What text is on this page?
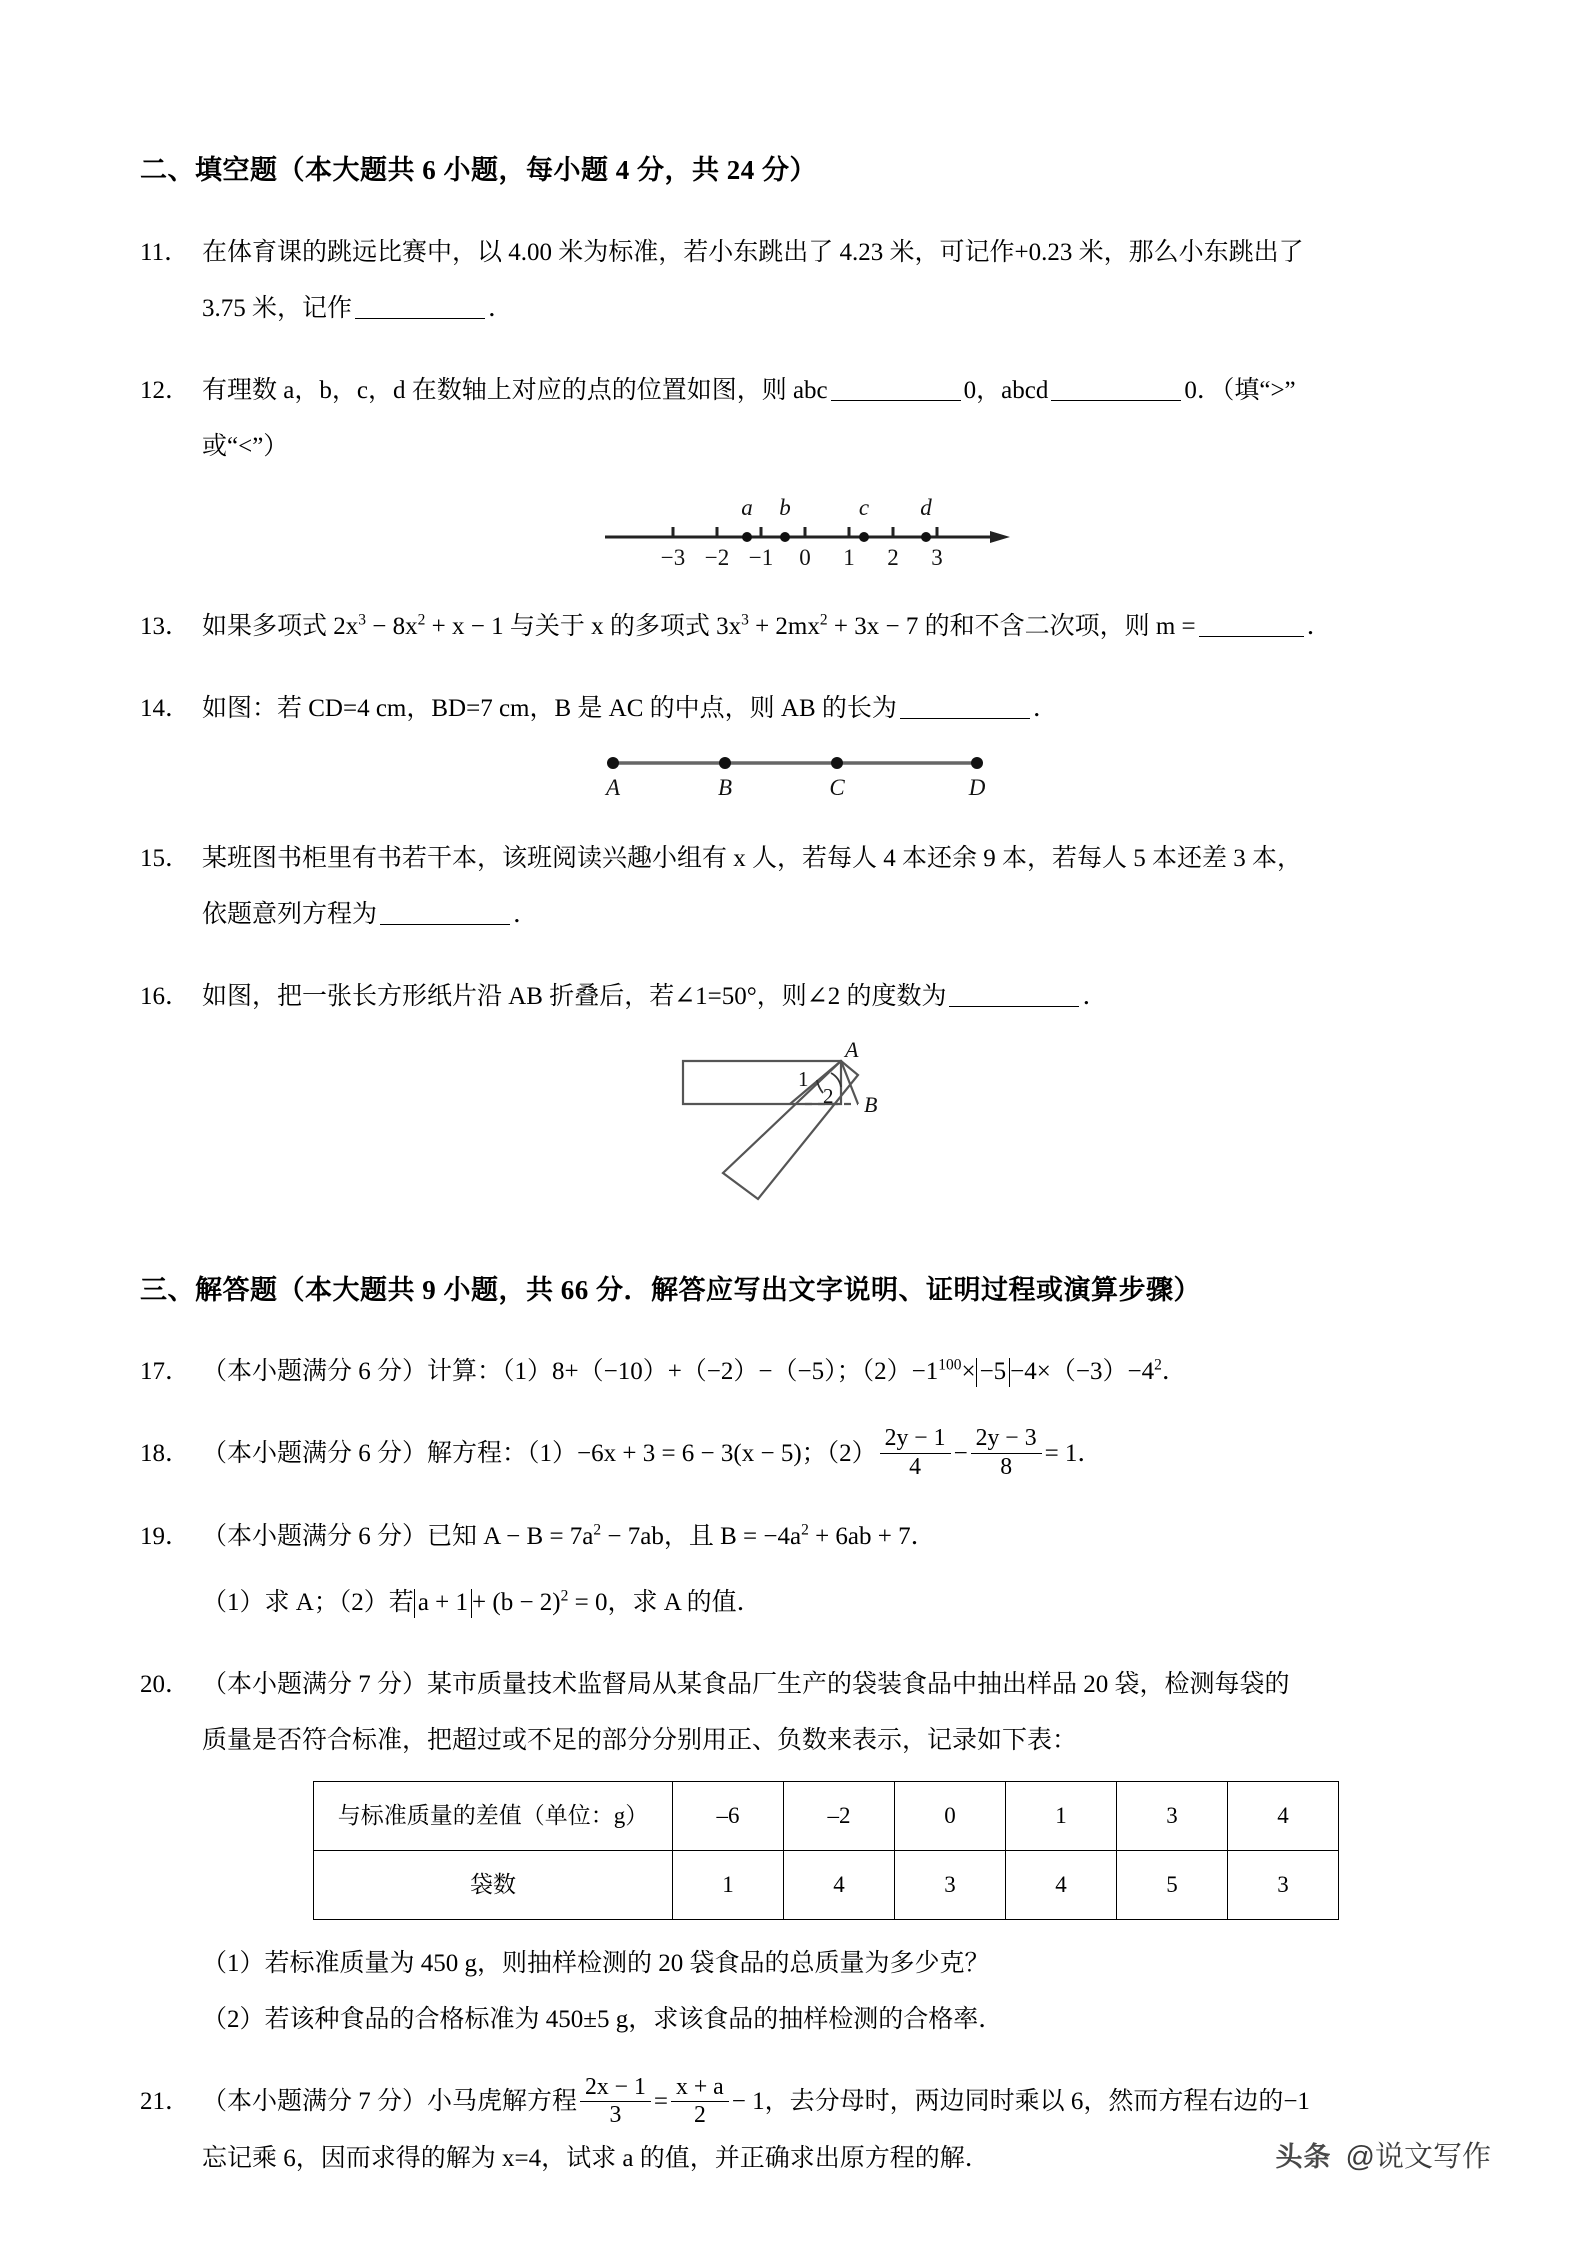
二、填空题（本大题共 6 小题，每小题 4 分，共 24 分）
11． 在体育课的跳远比赛中，以 4.00 米为标准，若小东跳出了 4.23 米，可记作+0.23 米，那么小东跳出了

3.75 米，记作	．

12． 有理数 a，b，c，d 在数轴上对应的点的位置如图，则 abc	0，abcd	0．（填“>”

或“<”）

−3 −2 −1 0 1 2 3
a b	c d
13． 如果多项式 $2x^3 - 8x^2 + x - 1$ 与关于 x 的多项式 $3x^3 + 2mx^2 + 3x - 7$ 的和不含二次项，则 m =	．

14． 如图：若 CD=4 cm，BD=7 cm，B 是 AC 的中点，则 AB 的长为	．

A	B	C	D
15． 某班图书柜里有书若干本，该班阅读兴趣小组有 x 人，若每人 4 本还余 9 本，若每人 5 本还差 3 本，

依题意列方程为	．

16． 如图，把一张长方形纸片沿 AB 折叠后，若∠1=50°，则∠2 的度数为	．

1
2
A
B
三、解答题（本大题共 9 小题，共 66 分．解答应写出文字说明、证明过程或演算步骤）
17． （本小题满分 6 分）计算：（1）8+（−10）+（−2）−（−5）；$(2)-1^{100}\times -5 -4\times(-3)-4^2$．

18． （本小题满分 6 分）解方程：（1）−6x + 3 = 6 − 3(x − 5)；$(2) \frac{2y - 1}{4} - \frac{2y - 3}{8} = 1$．

19． （本小题满分 6 分）已知 $A - B = 7a^2 - 7ab$，且 $B = -4a^2 + 6ab + 7$．

（1）求 A；（2）若 $a + 1 + (b - 2)^2 = 0$，求 A 的值．

20． （本小题满分 7 分）某市质量技术监督局从某食品厂生产的袋装食品中抽出样品 20 袋，检测每袋的

质量是否符合标准，把超过或不足的部分分别用正、负数来表示，记录如下表：

与标准质量的差值（单位：g）	–6	–2	0	1	3	4
袋数	1	4	3	4	5	3

（1）若标准质量为 450 g，则抽样检测的 20 袋食品的总质量为多少克？

（2）若该种食品的合格标准为 450±5 g，求该食品的抽样检测的合格率．

21． （本小题满分 7 分）小马虎解方程 $\frac{2x - 1}{3} = \frac{x + a}{2} - 1$，去分母时，两边同时乘以 6，然而方程右边的−1

忘记乘 6，因而求得的解为 x=4，试求 a 的值，并正确求出原方程的解．	头条 @说文写作
